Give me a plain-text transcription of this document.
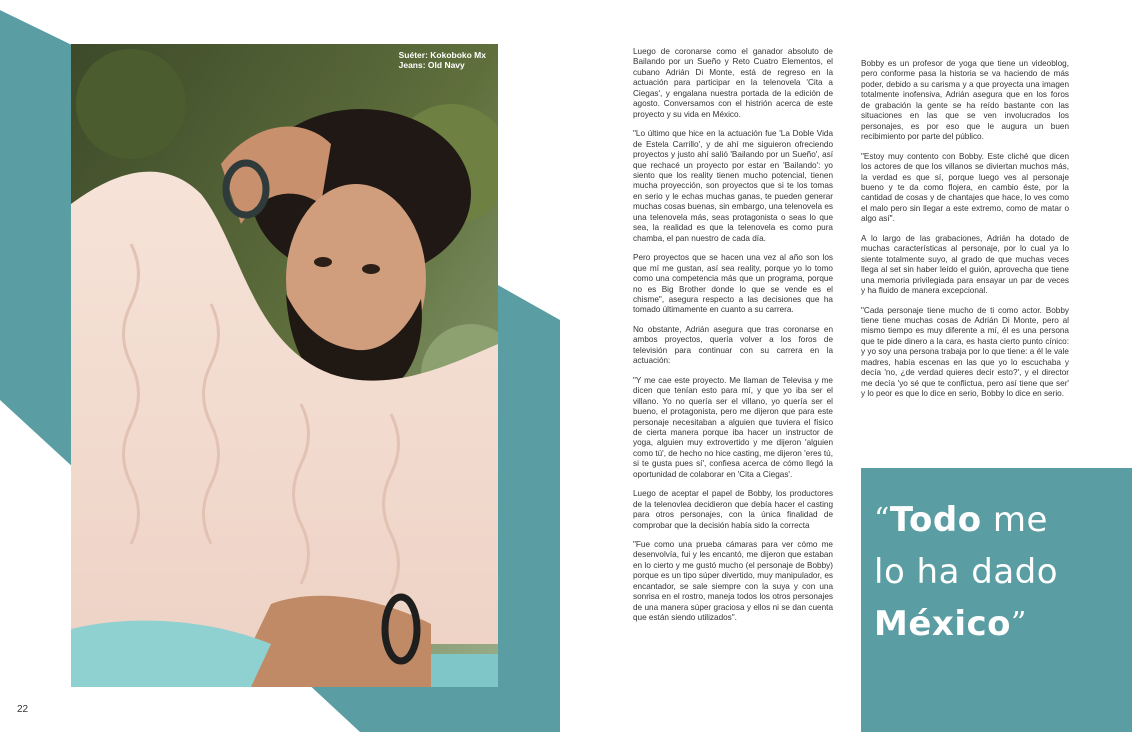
Suéter: Kokoboko Mx
Jeans: Old Navy
22

Luego de coronarse como el ganador absoluto de Bailando por un Sueño y Reto Cuatro Elementos, el cubano Adrián Di Monte, está de regreso en la actuación para participar en la telenovela 'Cita a Ciegas', y engalana nuestra portada de la edición de agosto. Conversamos con el histrión acerca de este proyecto y su vida en México.

"Lo último que hice en la actuación fue 'La Doble Vida de Estela Carrillo', y de ahí me siguieron ofreciendo proyectos y justo ahí salió 'Bailando por un Sueño', así que rechacé un proyecto por estar en 'Bailando': yo siento que los reality tienen mucho potencial, tienen mucha proyección, son proyectos que si te los tomas en serio y le echas muchas ganas, te pueden generar muchas cosas buenas, sin embargo, una telenovela es una telenovela más, seas protagonista o seas lo que sea, la realidad es que la telenovela es como pura chamba, el pan nuestro de cada día.

Pero proyectos que se hacen una vez al año son los que mí me gustan, así sea reality, porque yo lo tomo como una competencia más que un programa, porque no es Big Brother donde lo que se vende es el chisme", asegura respecto a las decisiones que ha tomado últimamente en cuanto a su carrera.

No obstante, Adrián asegura que tras coronarse en ambos proyectos, quería volver a los foros de televisión para continuar con su carrera en la actuación:

"Y me cae este proyecto. Me llaman de Televisa y me dicen que tenían esto para mí, y que yo iba ser el villano. Yo no quería ser el villano, yo quería ser el bueno, el protagonista, pero me dijeron que para este personaje necesitaban a alguien que tuviera el físico de cierta manera porque iba hacer un instructor de yoga, alguien muy extrovertido y me dijeron 'alguien como tú', de hecho no hice casting, me dijeron 'eres tú, si te gusta pues sí', confiesa acerca de cómo llegó la oportunidad de colaborar en 'Cita a Ciegas'.

Luego de aceptar el papel de Bobby, los productores de la telenovlea decidieron que debía hacer el casting para otros personajes, con la única finalidad de comprobar que la decisión había sido la correcta

"Fue como una prueba cámaras para ver cómo me desenvolvía, fui y les encantó, me dijeron que estaban en lo cierto y me gustó mucho (el personaje de Bobby) porque es un tipo súper divertido, muy manipulador, es encantador, se sale siempre con la suya y con una sonrisa en el rostro, maneja todos los otros personajes de una manera súper graciosa y ellos ni se dan cuenta que están siendo utilizados".

Bobby es un profesor de yoga que tiene un videoblog, pero conforme pasa la historia se va haciendo de más poder, debido a su carisma y a que proyecta una imagen totalmente inofensiva, Adrián asegura que en los foros de grabación la gente se ha reído bastante con las situaciones en las que se ven involucrados los personajes, es por eso que le augura un buen recibimiento por parte del público.

"Estoy muy contento con Bobby. Este cliché que dicen los actores de que los villanos se diviertan muchos más, la verdad es que sí, porque luego ves al personaje bueno y te da como flojera, en cambio éste, por la cantidad de cosas y de chantajes que hace, lo ves como el malo pero sin llegar a este extremo, como de matar o algo así".

A lo largo de las grabaciones, Adrián ha dotado de muchas características al personaje, por lo cual ya lo siente totalmente suyo, al grado de que muchas veces llega al set sin haber leído el guión, aprovecha que tiene una memoria privilegiada para ensayar un par de veces y ha fluido de manera excepcional.

"Cada personaje tiene mucho de ti como actor. Bobby tiene tiene muchas cosas de Adrián Di Monte, pero al mismo tiempo es muy diferente a mí, él es una persona que te pide dinero a la cara, es hasta cierto punto cínico: y yo soy una persona trabaja por lo que tiene: a él le vale madres, había escenas en las que yo lo escuchaba y decía 'no, ¿de verdad quieres decir esto?', y el director me decía 'yo sé que te conflictua, pero así tiene que ser' y lo peor es que lo dice en serio, Bobby lo dice en serio.

“Todo me
lo ha dado
México”
